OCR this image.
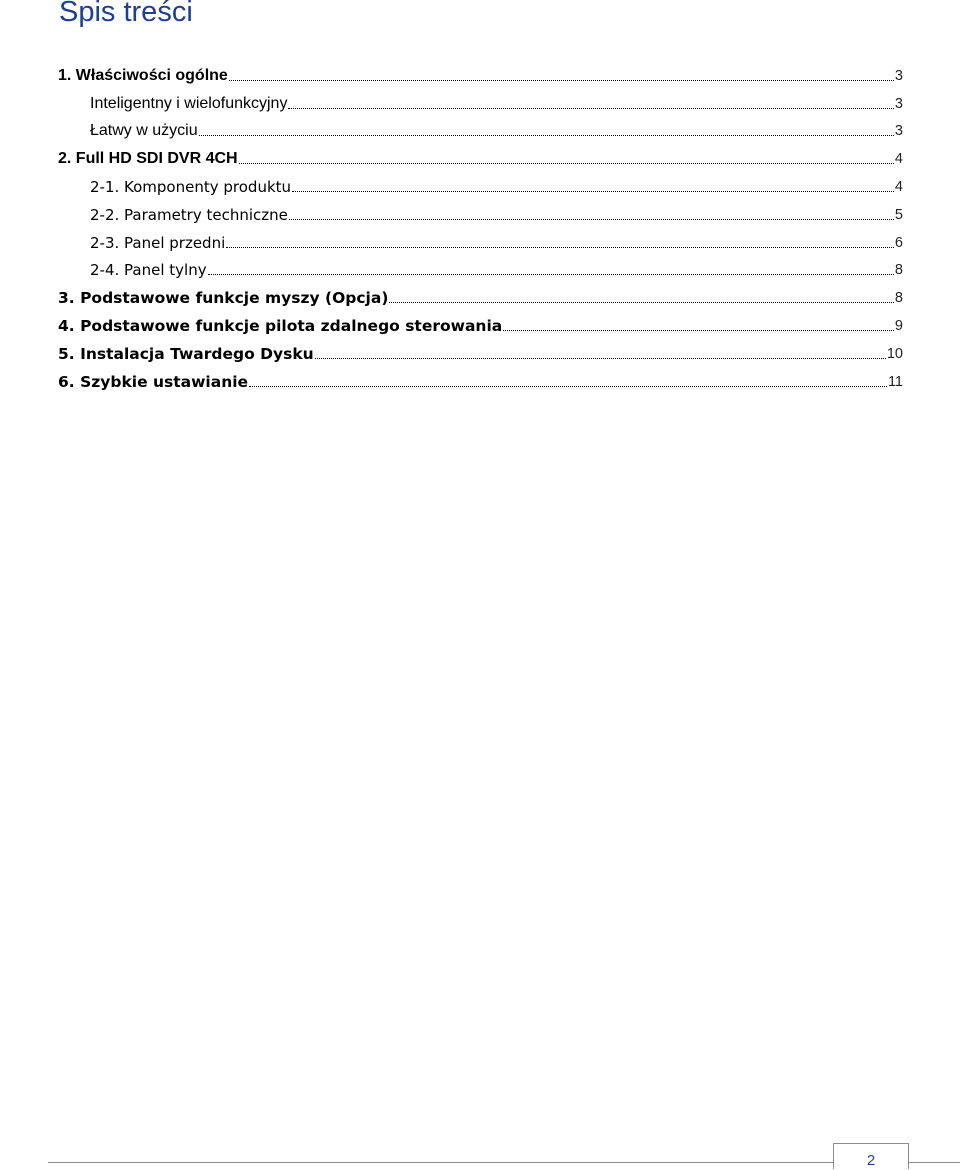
Spis treści
1. Właściwości ogólne	3
Inteligentny i wielofunkcyjny	3
Łatwy w użyciu	3
2. Full HD SDI DVR 4CH	4
2-1. Komponenty produktu	4
2-2. Parametry techniczne	5
2-3. Panel przedni	6
2-4. Panel tylny	8
3. Podstawowe funkcje myszy (Opcja)	8
4. Podstawowe funkcje pilota zdalnego sterowania	9
5. Instalacja Twardego Dysku	10
6. Szybkie ustawianie	11
2
